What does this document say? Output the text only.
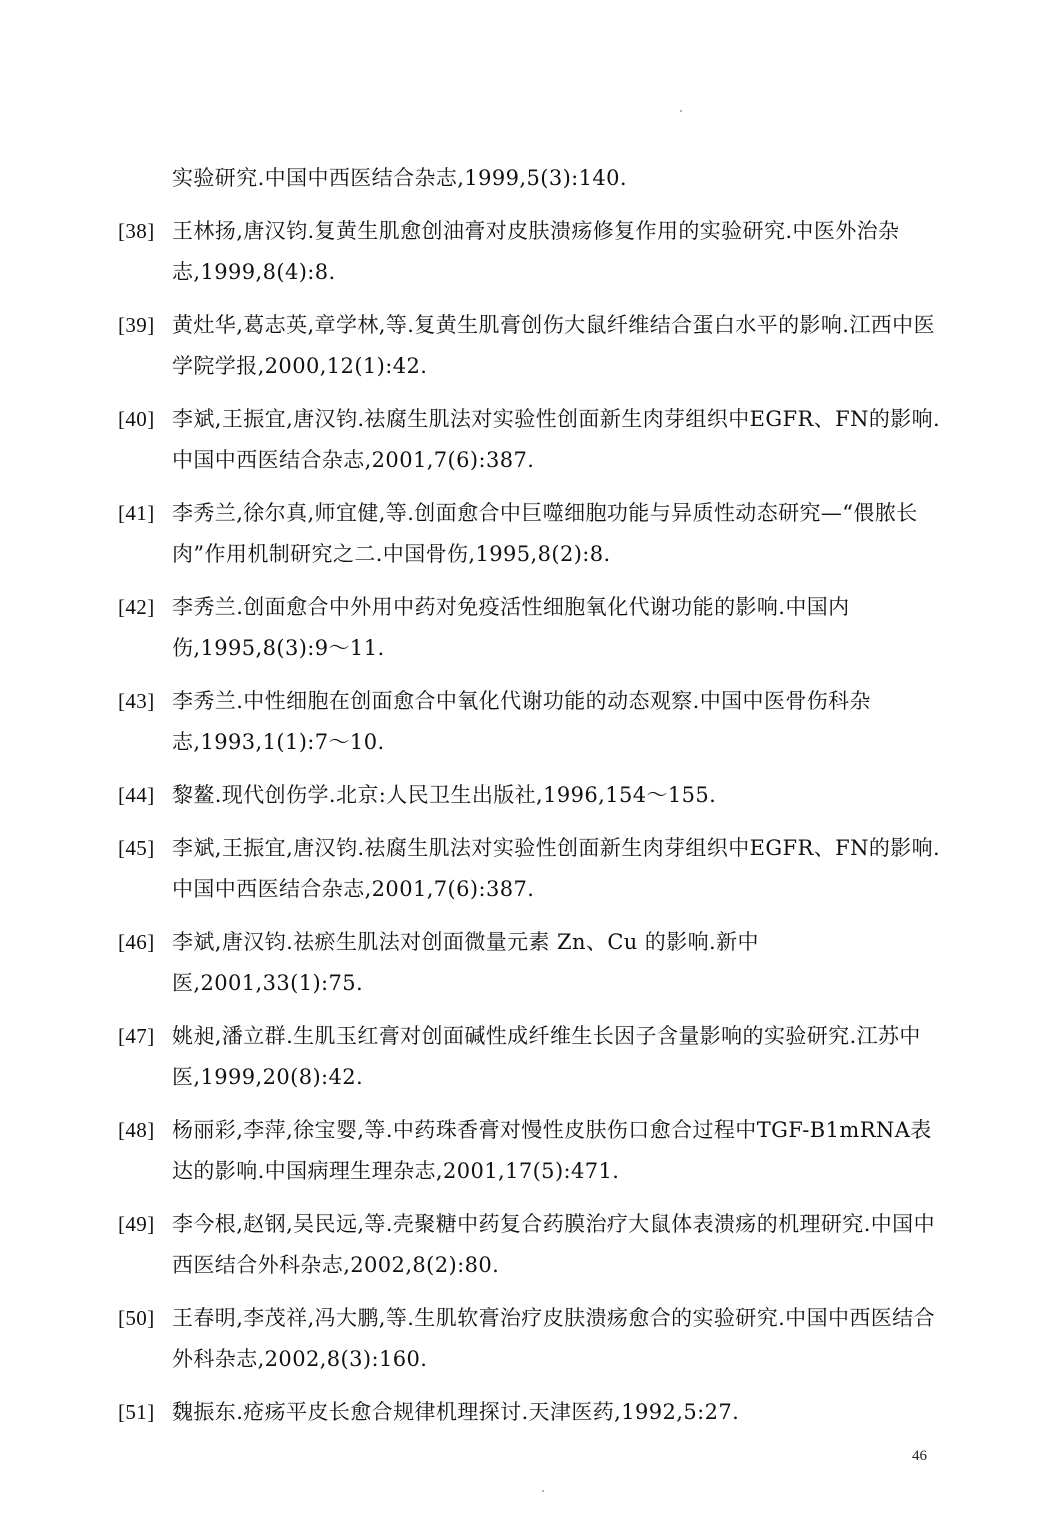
实验研究.中国中西医结合杂志,1999,5(3):140.
[38] 王林扬,唐汉钧.复黄生肌愈创油膏对皮肤溃疡修复作用的实验研究.中医外治杂志,1999,8(4):8.
[39] 黄灶华,葛志英,章学林,等.复黄生肌膏创伤大鼠纤维结合蛋白水平的影响.江西中医学院学报,2000,12(1):42.
[40] 李斌,王振宜,唐汉钧.祛腐生肌法对实验性创面新生肉芽组织中EGFR、FN的影响.中国中西医结合杂志,2001,7(6):387.
[41] 李秀兰,徐尔真,师宜健,等.创面愈合中巨噬细胞功能与异质性动态研究—“偎脓长肉”作用机制研究之二.中国骨伤,1995,8(2):8.
[42] 李秀兰.创面愈合中外用中药对免疫活性细胞氧化代谢功能的影响.中国内伤,1995,8(3):9～11.
[43] 李秀兰.中性细胞在创面愈合中氧化代谢功能的动态观察.中国中医骨伤科杂志,1993,1(1):7～10.
[44] 黎鳌.现代创伤学.北京:人民卫生出版社,1996,154～155.
[45] 李斌,王振宜,唐汉钧.祛腐生肌法对实验性创面新生肉芽组织中EGFR、FN的影响.中国中西医结合杂志,2001,7(6):387.
[46] 李斌,唐汉钧.祛瘀生肌法对创面微量元素 Zn、Cu 的影响.新中医,2001,33(1):75.
[47] 姚昶,潘立群.生肌玉红膏对创面碱性成纤维生长因子含量影响的实验研究.江苏中医,1999,20(8):42.
[48] 杨丽彩,李萍,徐宝婴,等.中药珠香膏对慢性皮肤伤口愈合过程中TGF-B1mRNA表达的影响.中国病理生理杂志,2001,17(5):471.
[49] 李今根,赵钢,吴民远,等.壳聚糖中药复合药膜治疗大鼠体表溃疡的机理研究.中国中西医结合外科杂志,2002,8(2):80.
[50] 王春明,李茂祥,冯大鹏,等.生肌软膏治疗皮肤溃疡愈合的实验研究.中国中西医结合外科杂志,2002,8(3):160.
[51] 魏振东.疮疡平皮长愈合规律机理探讨.天津医药,1992,5:27.
46
